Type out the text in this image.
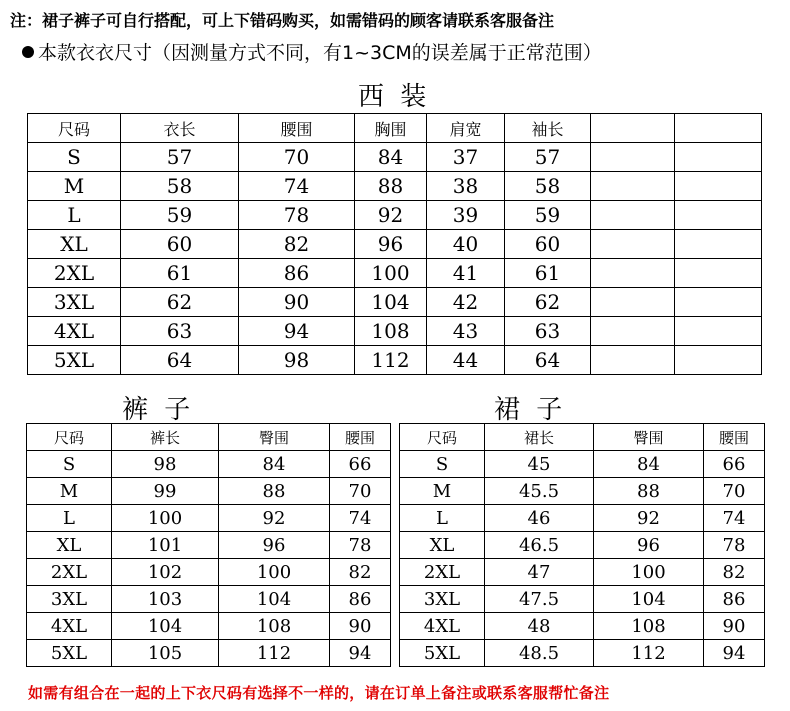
注：裙子裤子可自行搭配，可上下错码购买，如需错码的顾客请联系客服备注
本款衣衣尺寸（因测量方式不同，有1~3CM的误差属于正常范围）
西 装
尺码	衣长	腰围	胸围	肩宽	袖长		
S	57	70	84	37	57		
M	58	74	88	38	58		
L	59	78	92	39	59		
XL	60	82	96	40	60		
2XL	61	86	100	41	61		
3XL	62	90	104	42	62		
4XL	63	94	108	43	63		
5XL	64	98	112	44	64		
裤 子	裙 子
尺码	裤长	臀围	腰围
S	98	84	66
M	99	88	70
L	100	92	74
XL	101	96	78
2XL	102	100	82
3XL	103	104	86
4XL	104	108	90
5XL	105	112	94
尺码	裙长	臀围	腰围
S	45	84	66
M	45.5	88	70
L	46	92	74
XL	46.5	96	78
2XL	47	100	82
3XL	47.5	104	86
4XL	48	108	90
5XL	48.5	112	94
如需有组合在一起的上下衣尺码有选择不一样的，请在订单上备注或联系客服帮忙备注
